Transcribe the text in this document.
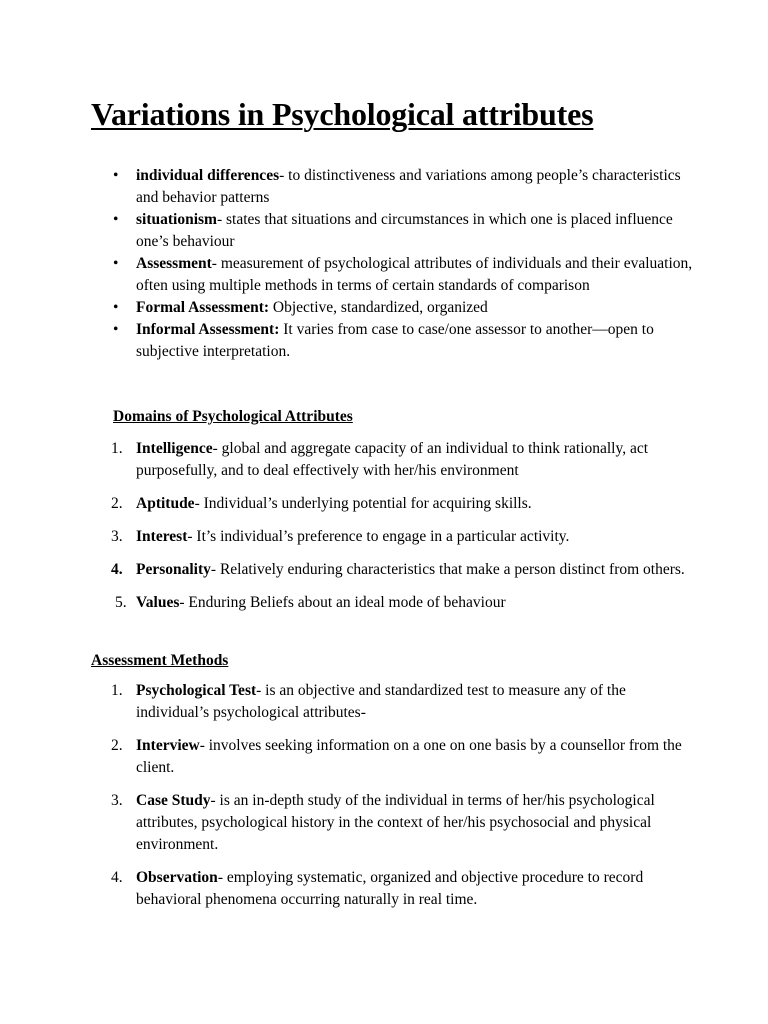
Variations in Psychological attributes
• individual differences- to distinctiveness and variations among people’s characteristics and behavior patterns
• situationism- states that situations and circumstances in which one is placed influence one’s behaviour
• Assessment- measurement of psychological attributes of individuals and their evaluation, often using multiple methods in terms of certain standards of comparison
• Formal Assessment: Objective, standardized, organized
• Informal Assessment: It varies from case to case/one assessor to another—open to subjective interpretation.
Domains of Psychological Attributes
1. Intelligence- global and aggregate capacity of an individual to think rationally, act purposefully, and to deal effectively with her/his environment
2. Aptitude- Individual’s underlying potential for acquiring skills.
3. Interest- It’s individual’s preference to engage in a particular activity.
4. Personality- Relatively enduring characteristics that make a person distinct from others.
5. Values- Enduring Beliefs about an ideal mode of behaviour
Assessment Methods
1. Psychological Test- is an objective and standardized test to measure any of the individual’s psychological attributes-
2. Interview- involves seeking information on a one on one basis by a counsellor from the client.
3. Case Study- is an in-depth study of the individual in terms of her/his psychological attributes, psychological history in the context of her/his psychosocial and physical environment.
4. Observation- employing systematic, organized and objective procedure to record behavioral phenomena occurring naturally in real time.
